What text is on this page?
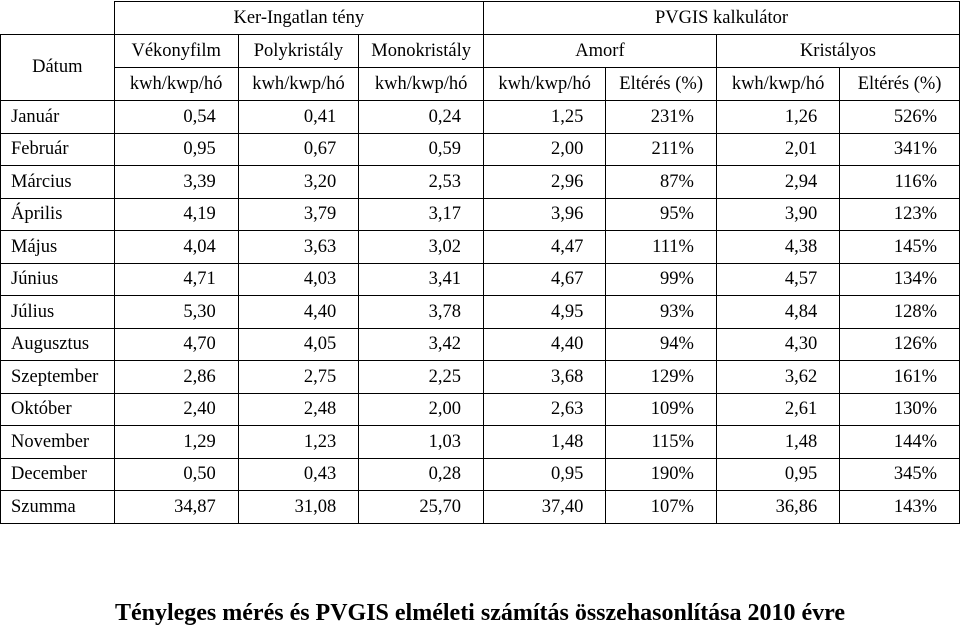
	Ker-Ingatlan tény			PVGIS kalkulátor			
Dátum	Vékonyfilm	Polykristály	Monokristály	Amorf		Kristályos	
	kwh/kwp/hó	kwh/kwp/hó	kwh/kwp/hó	kwh/kwp/hó	Eltérés (%)	kwh/kwp/hó	Eltérés (%)
Január	0,54	0,41	0,24	1,25	231%	1,26	526%
Február	0,95	0,67	0,59	2,00	211%	2,01	341%
Március	3,39	3,20	2,53	2,96	87%	2,94	116%
Április	4,19	3,79	3,17	3,96	95%	3,90	123%
Május	4,04	3,63	3,02	4,47	111%	4,38	145%
Június	4,71	4,03	3,41	4,67	99%	4,57	134%
Július	5,30	4,40	3,78	4,95	93%	4,84	128%
Augusztus	4,70	4,05	3,42	4,40	94%	4,30	126%
Szeptember	2,86	2,75	2,25	3,68	129%	3,62	161%
Október	2,40	2,48	2,00	2,63	109%	2,61	130%
November	1,29	1,23	1,03	1,48	115%	1,48	144%
December	0,50	0,43	0,28	0,95	190%	0,95	345%
Szumma	34,87	31,08	25,70	37,40	107%	36,86	143%
Tényleges mérés és PVGIS elméleti számítás összehasonlítása 2010 évre
